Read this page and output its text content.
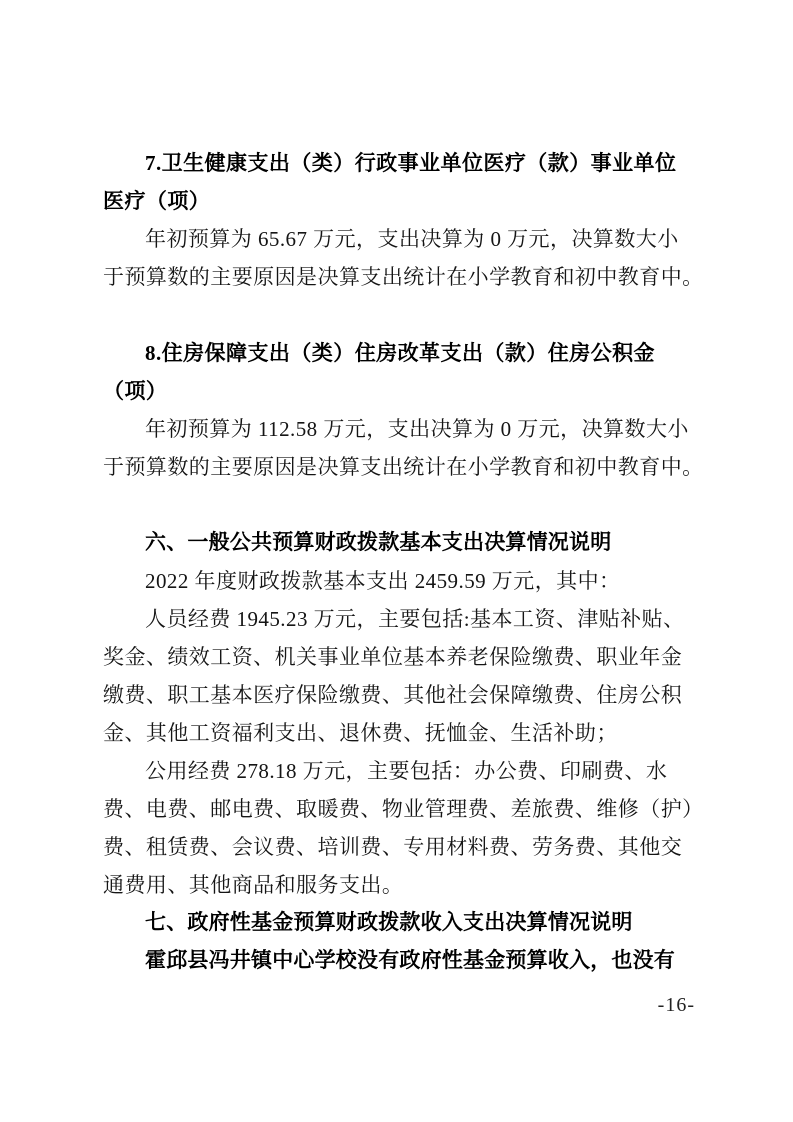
7.卫生健康支出（类）行政事业单位医疗（款）事业单位
医疗（项）
年初预算为 65.67 万元，支出决算为 0 万元，决算数大小
于预算数的主要原因是决算支出统计在小学教育和初中教育中。
8.住房保障支出（类）住房改革支出（款）住房公积金
（项）
年初预算为 112.58 万元，支出决算为 0 万元，决算数大小
于预算数的主要原因是决算支出统计在小学教育和初中教育中。
六、一般公共预算财政拨款基本支出决算情况说明
2022 年度财政拨款基本支出 2459.59 万元，其中：
人员经费 1945.23 万元，主要包括:基本工资、津贴补贴、
奖金、绩效工资、机关事业单位基本养老保险缴费、职业年金
缴费、职工基本医疗保险缴费、其他社会保障缴费、住房公积
金、其他工资福利支出、退休费、抚恤金、生活补助；
公用经费 278.18 万元，主要包括：办公费、印刷费、水
费、电费、邮电费、取暖费、物业管理费、差旅费、维修（护）
费、租赁费、会议费、培训费、专用材料费、劳务费、其他交
通费用、其他商品和服务支出。
七、政府性基金预算财政拨款收入支出决算情况说明
霍邱县冯井镇中心学校没有政府性基金预算收入，也没有
-16-
